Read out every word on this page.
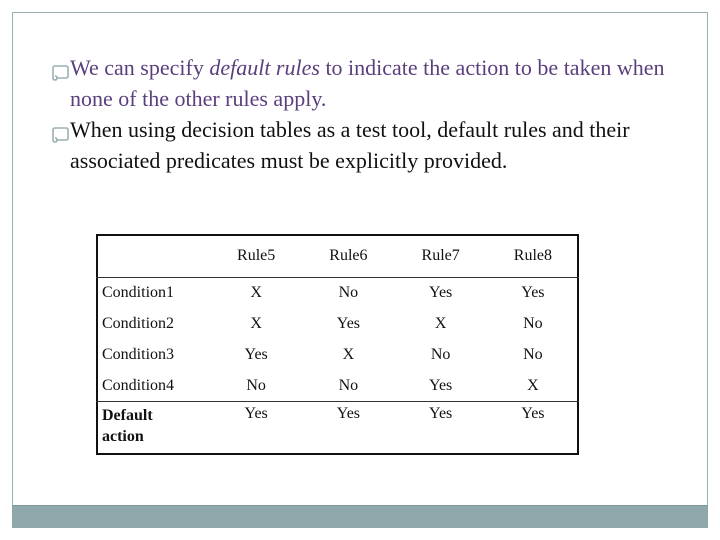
We can specify default rules to indicate the action to be taken when none of the other rules apply.

When using decision tables as a test tool, default rules and their associated predicates must be explicitly provided.

	Rule5	Rule6	Rule7	Rule8
Condition1	X	No	Yes	Yes
Condition2	X	Yes	X	No
Condition3	Yes	X	No	No
Condition4	No	No	Yes	X

Default
action	Yes	Yes	Yes	Yes
